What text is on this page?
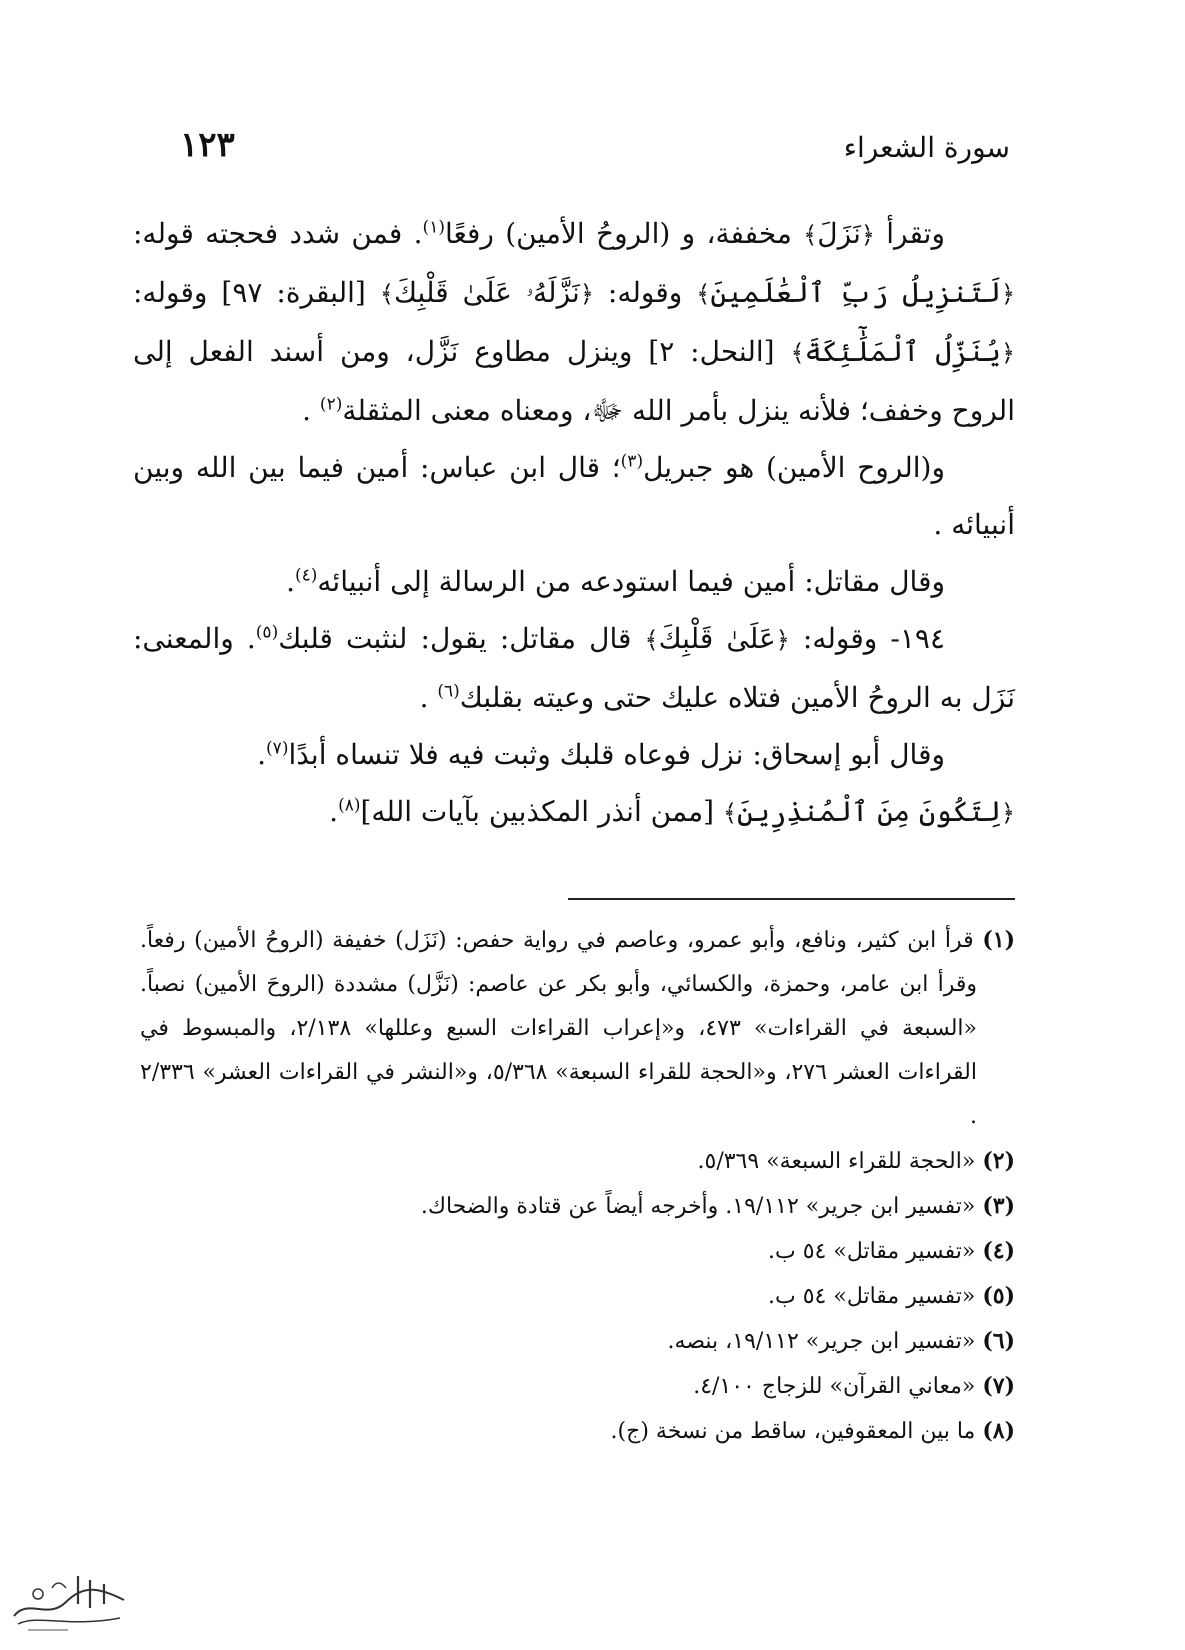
سورة الشعراء
١٢٣

وتقرأ ﴿نَزَلَ﴾ مخففة، و (الروحُ الأمين) رفعًا$^{(١)}$. فمن شدد فحجته قوله: ﴿لَتَنزِيلُ رَبِّ ٱلْعَٰلَمِينَ﴾ وقوله: ﴿نَزَّلَهُۥ عَلَىٰ قَلْبِكَ﴾ [البقرة: ٩٧] وقوله: ﴿يُنَزِّلُ ٱلْمَلَٰٓئِكَةَ﴾ [النحل: ٢] وينزل مطاوع نَزَّل، ومن أسند الفعل إلى الروح وخفف؛ فلأنه ينزل بأمر الله ﷻ، ومعناه معنى المثقلة$^{(٢)}$ .

و(الروح الأمين) هو جبريل$^{(٣)}$؛ قال ابن عباس: أمين فيما بين الله وبين أنبيائه .

وقال مقاتل: أمين فيما استودعه من الرسالة إلى أنبيائه$^{(٤)}$.

١٩٤- وقوله: ﴿عَلَىٰ قَلْبِكَ﴾ قال مقاتل: يقول: لنثبت قلبك$^{(٥)}$. والمعنى: نَزَل به الروحُ الأمين فتلاه عليك حتى وعيته بقلبك$^{(٦)}$ .

وقال أبو إسحاق: نزل فوعاه قلبك وثبت فيه فلا تنساه أبدًا$^{(٧)}$.

﴿لِتَكُونَ مِنَ ٱلْمُنذِرِينَ﴾ [ممن أنذر المكذبين بآيات الله]$^{(٨)}$.

(١) قرأ ابن كثير، ونافع، وأبو عمرو، وعاصم في رواية حفص: (نَزَل) خفيفة (الروحُ الأمين) رفعاً. وقرأ ابن عامر، وحمزة، والكسائي، وأبو بكر عن عاصم: (نَزَّل) مشددة (الروحَ الأمين) نصباً. «السبعة في القراءات» ٤٧٣، و«إعراب القراءات السبع وعللها» ٢/١٣٨، والمبسوط في القراءات العشر ٢٧٦، و«الحجة للقراء السبعة» ٥/٣٦٨، و«النشر في القراءات العشر» ٢/٣٣٦ .

(٢) «الحجة للقراء السبعة» ٥/٣٦٩.

(٣) «تفسير ابن جرير» ١٩/١١٢. وأخرجه أيضاً عن قتادة والضحاك.

(٤) «تفسير مقاتل» ٥٤ ب.

(٥) «تفسير مقاتل» ٥٤ ب.

(٦) «تفسير ابن جرير» ١٩/١١٢، بنصه.

(٧) «معاني القرآن» للزجاج ٤/١٠٠.

(٨) ما بين المعقوفين، ساقط من نسخة (ج).
